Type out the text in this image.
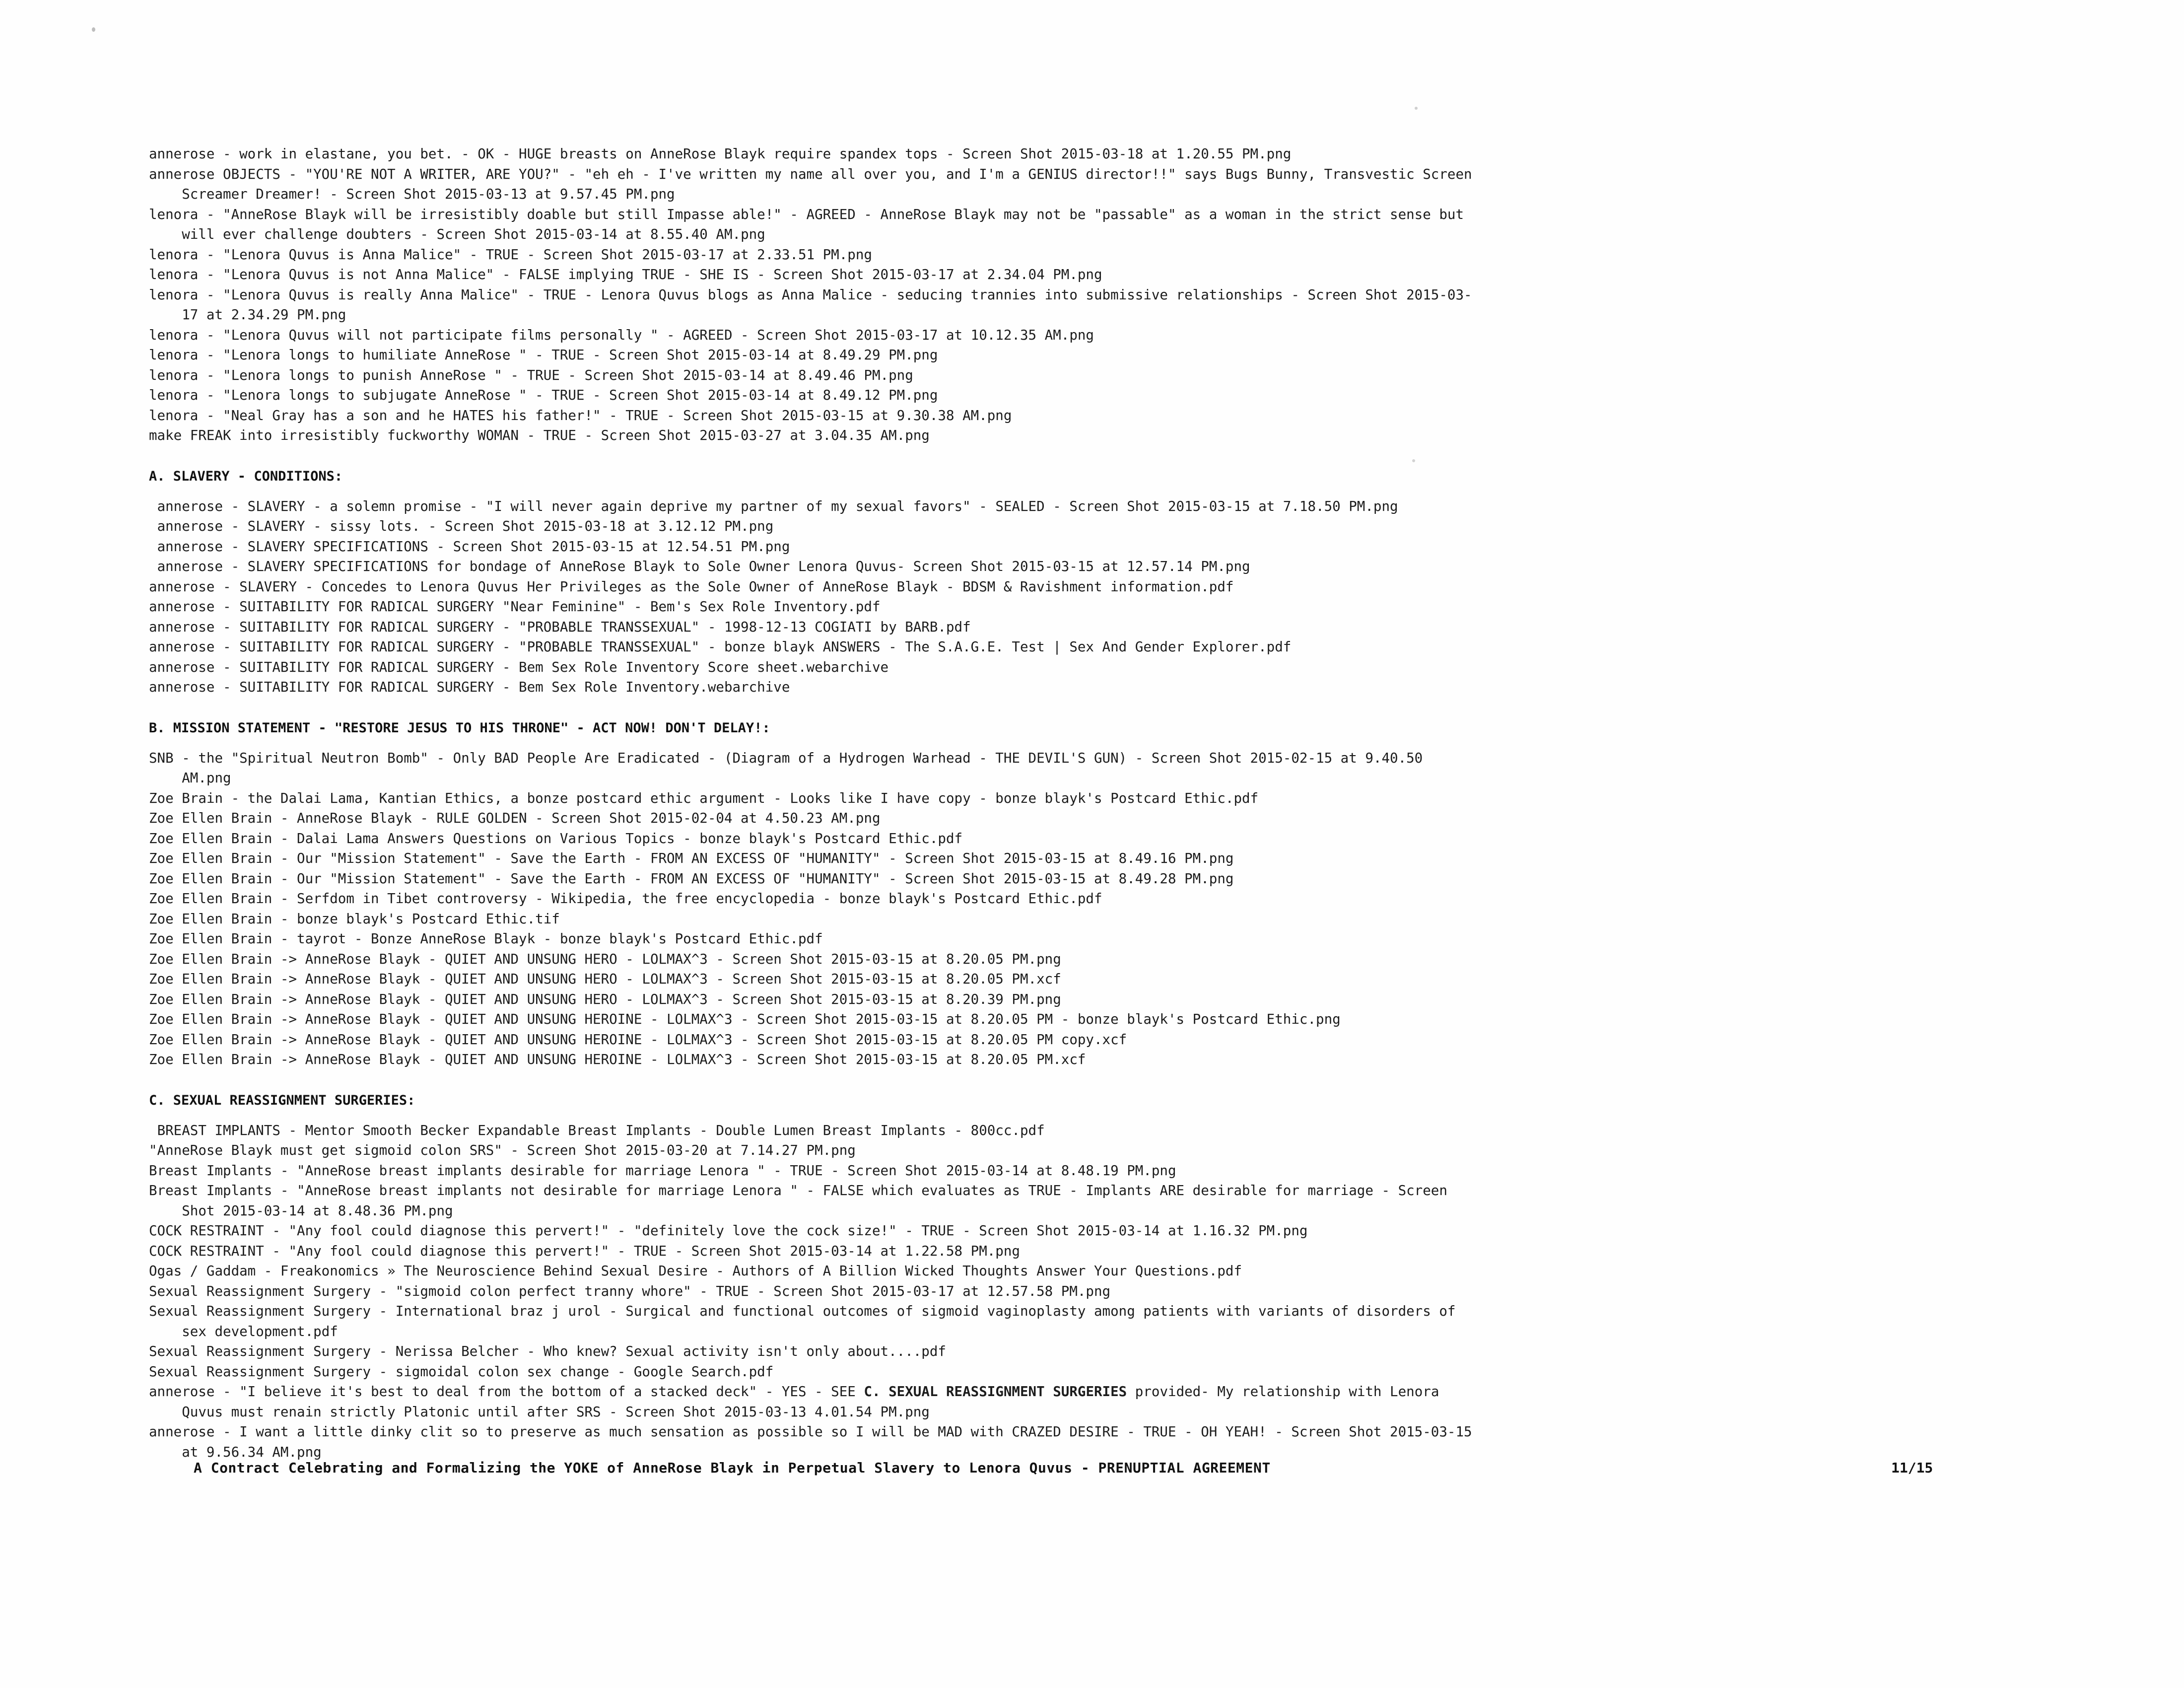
annerose - work in elastane, you bet. - OK - HUGE breasts on AnneRose Blayk require spandex tops - Screen Shot 2015-03-18 at 1.20.55 PM.png
annerose OBJECTS - "YOU'RE NOT A WRITER, ARE YOU?" - "eh eh - I've written my name all over you, and I'm a GENIUS director!!" says Bugs Bunny, Transvestic Screen
Screamer Dreamer! - Screen Shot 2015-03-13 at 9.57.45 PM.png
lenora - "AnneRose Blayk will be irresistibly doable but still Impasse able!" - AGREED - AnneRose Blayk may not be "passable" as a woman in the strict sense but
will ever challenge doubters - Screen Shot 2015-03-14 at 8.55.40 AM.png
lenora - "Lenora Quvus is Anna Malice" - TRUE - Screen Shot 2015-03-17 at 2.33.51 PM.png
lenora - "Lenora Quvus is not Anna Malice" - FALSE implying TRUE - SHE IS - Screen Shot 2015-03-17 at 2.34.04 PM.png
lenora - "Lenora Quvus is really Anna Malice" - TRUE - Lenora Quvus blogs as Anna Malice - seducing trannies into submissive relationships - Screen Shot 2015-03-
17 at 2.34.29 PM.png
lenora - "Lenora Quvus will not participate films personally " - AGREED - Screen Shot 2015-03-17 at 10.12.35 AM.png
lenora - "Lenora longs to humiliate AnneRose " - TRUE - Screen Shot 2015-03-14 at 8.49.29 PM.png
lenora - "Lenora longs to punish AnneRose " - TRUE - Screen Shot 2015-03-14 at 8.49.46 PM.png
lenora - "Lenora longs to subjugate AnneRose " - TRUE - Screen Shot 2015-03-14 at 8.49.12 PM.png
lenora - "Neal Gray has a son and he HATES his father!" - TRUE - Screen Shot 2015-03-15 at 9.30.38 AM.png
make FREAK into irresistibly fuckworthy WOMAN - TRUE - Screen Shot 2015-03-27 at 3.04.35 AM.png
A. SLAVERY - CONDITIONS:
annerose - SLAVERY - a solemn promise - "I will never again deprive my partner of my sexual favors" - SEALED - Screen Shot 2015-03-15 at 7.18.50 PM.png
annerose - SLAVERY - sissy lots. - Screen Shot 2015-03-18 at 3.12.12 PM.png
annerose - SLAVERY SPECIFICATIONS - Screen Shot 2015-03-15 at 12.54.51 PM.png
annerose - SLAVERY SPECIFICATIONS for bondage of AnneRose Blayk to Sole Owner Lenora Quvus- Screen Shot 2015-03-15 at 12.57.14 PM.png
annerose - SLAVERY - Concedes to Lenora Quvus Her Privileges as the Sole Owner of AnneRose Blayk - BDSM & Ravishment information.pdf
annerose - SUITABILITY FOR RADICAL SURGERY "Near Feminine" - Bem's Sex Role Inventory.pdf
annerose - SUITABILITY FOR RADICAL SURGERY - "PROBABLE TRANSSEXUAL" - 1998-12-13 COGIATI by BARB.pdf
annerose - SUITABILITY FOR RADICAL SURGERY - "PROBABLE TRANSSEXUAL" - bonze blayk ANSWERS - The S.A.G.E. Test | Sex And Gender Explorer.pdf
annerose - SUITABILITY FOR RADICAL SURGERY - Bem Sex Role Inventory Score sheet.webarchive
annerose - SUITABILITY FOR RADICAL SURGERY - Bem Sex Role Inventory.webarchive
B. MISSION STATEMENT - "RESTORE JESUS TO HIS THRONE" - ACT NOW! DON'T DELAY!:
SNB - the "Spiritual Neutron Bomb" - Only BAD People Are Eradicated - (Diagram of a Hydrogen Warhead - THE DEVIL'S GUN) - Screen Shot 2015-02-15 at 9.40.50
AM.png
Zoe Brain - the Dalai Lama, Kantian Ethics, a bonze postcard ethic argument - Looks like I have copy - bonze blayk's Postcard Ethic.pdf
Zoe Ellen Brain - AnneRose Blayk - RULE GOLDEN - Screen Shot 2015-02-04 at 4.50.23 AM.png
Zoe Ellen Brain - Dalai Lama Answers Questions on Various Topics - bonze blayk's Postcard Ethic.pdf
Zoe Ellen Brain - Our "Mission Statement" - Save the Earth - FROM AN EXCESS OF "HUMANITY" - Screen Shot 2015-03-15 at 8.49.16 PM.png
Zoe Ellen Brain - Our "Mission Statement" - Save the Earth - FROM AN EXCESS OF "HUMANITY" - Screen Shot 2015-03-15 at 8.49.28 PM.png
Zoe Ellen Brain - Serfdom in Tibet controversy - Wikipedia, the free encyclopedia - bonze blayk's Postcard Ethic.pdf
Zoe Ellen Brain - bonze blayk's Postcard Ethic.tif
Zoe Ellen Brain - tayrot - Bonze AnneRose Blayk - bonze blayk's Postcard Ethic.pdf
Zoe Ellen Brain -> AnneRose Blayk - QUIET AND UNSUNG HERO - LOLMAX^3 - Screen Shot 2015-03-15 at 8.20.05 PM.png
Zoe Ellen Brain -> AnneRose Blayk - QUIET AND UNSUNG HERO - LOLMAX^3 - Screen Shot 2015-03-15 at 8.20.05 PM.xcf
Zoe Ellen Brain -> AnneRose Blayk - QUIET AND UNSUNG HERO - LOLMAX^3 - Screen Shot 2015-03-15 at 8.20.39 PM.png
Zoe Ellen Brain -> AnneRose Blayk - QUIET AND UNSUNG HEROINE - LOLMAX^3 - Screen Shot 2015-03-15 at 8.20.05 PM - bonze blayk's Postcard Ethic.png
Zoe Ellen Brain -> AnneRose Blayk - QUIET AND UNSUNG HEROINE - LOLMAX^3 - Screen Shot 2015-03-15 at 8.20.05 PM copy.xcf
Zoe Ellen Brain -> AnneRose Blayk - QUIET AND UNSUNG HEROINE - LOLMAX^3 - Screen Shot 2015-03-15 at 8.20.05 PM.xcf
C. SEXUAL REASSIGNMENT SURGERIES:
BREAST IMPLANTS - Mentor Smooth Becker Expandable Breast Implants - Double Lumen Breast Implants - 800cc.pdf
"AnneRose Blayk must get sigmoid colon SRS" - Screen Shot 2015-03-20 at 7.14.27 PM.png
Breast Implants - "AnneRose breast implants desirable for marriage Lenora " - TRUE - Screen Shot 2015-03-14 at 8.48.19 PM.png
Breast Implants - "AnneRose breast implants not desirable for marriage Lenora " - FALSE which evaluates as TRUE - Implants ARE desirable for marriage - Screen
Shot 2015-03-14 at 8.48.36 PM.png
COCK RESTRAINT - "Any fool could diagnose this pervert!" - "definitely love the cock size!" - TRUE - Screen Shot 2015-03-14 at 1.16.32 PM.png
COCK RESTRAINT - "Any fool could diagnose this pervert!" - TRUE - Screen Shot 2015-03-14 at 1.22.58 PM.png
Ogas / Gaddam - Freakonomics » The Neuroscience Behind Sexual Desire - Authors of A Billion Wicked Thoughts Answer Your Questions.pdf
Sexual Reassignment Surgery - "sigmoid colon perfect tranny whore" - TRUE - Screen Shot 2015-03-17 at 12.57.58 PM.png
Sexual Reassignment Surgery - International braz j urol - Surgical and functional outcomes of sigmoid vaginoplasty among patients with variants of disorders of
sex development.pdf
Sexual Reassignment Surgery - Nerissa Belcher - Who knew? Sexual activity isn't only about....pdf
Sexual Reassignment Surgery - sigmoidal colon sex change - Google Search.pdf
annerose - "I believe it's best to deal from the bottom of a stacked deck" - YES - SEE C. SEXUAL REASSIGNMENT SURGERIES provided- My relationship with Lenora
Quvus must renain strictly Platonic until after SRS - Screen Shot 2015-03-13 4.01.54 PM.png
annerose - I want a little dinky clit so to preserve as much sensation as possible so I will be MAD with CRAZED DESIRE - TRUE - OH YEAH! - Screen Shot 2015-03-15
at 9.56.34 AM.png
A Contract Celebrating and Formalizing the YOKE of AnneRose Blayk in Perpetual Slavery to Lenora Quvus - PRENUPTIAL AGREEMENT	11/15
